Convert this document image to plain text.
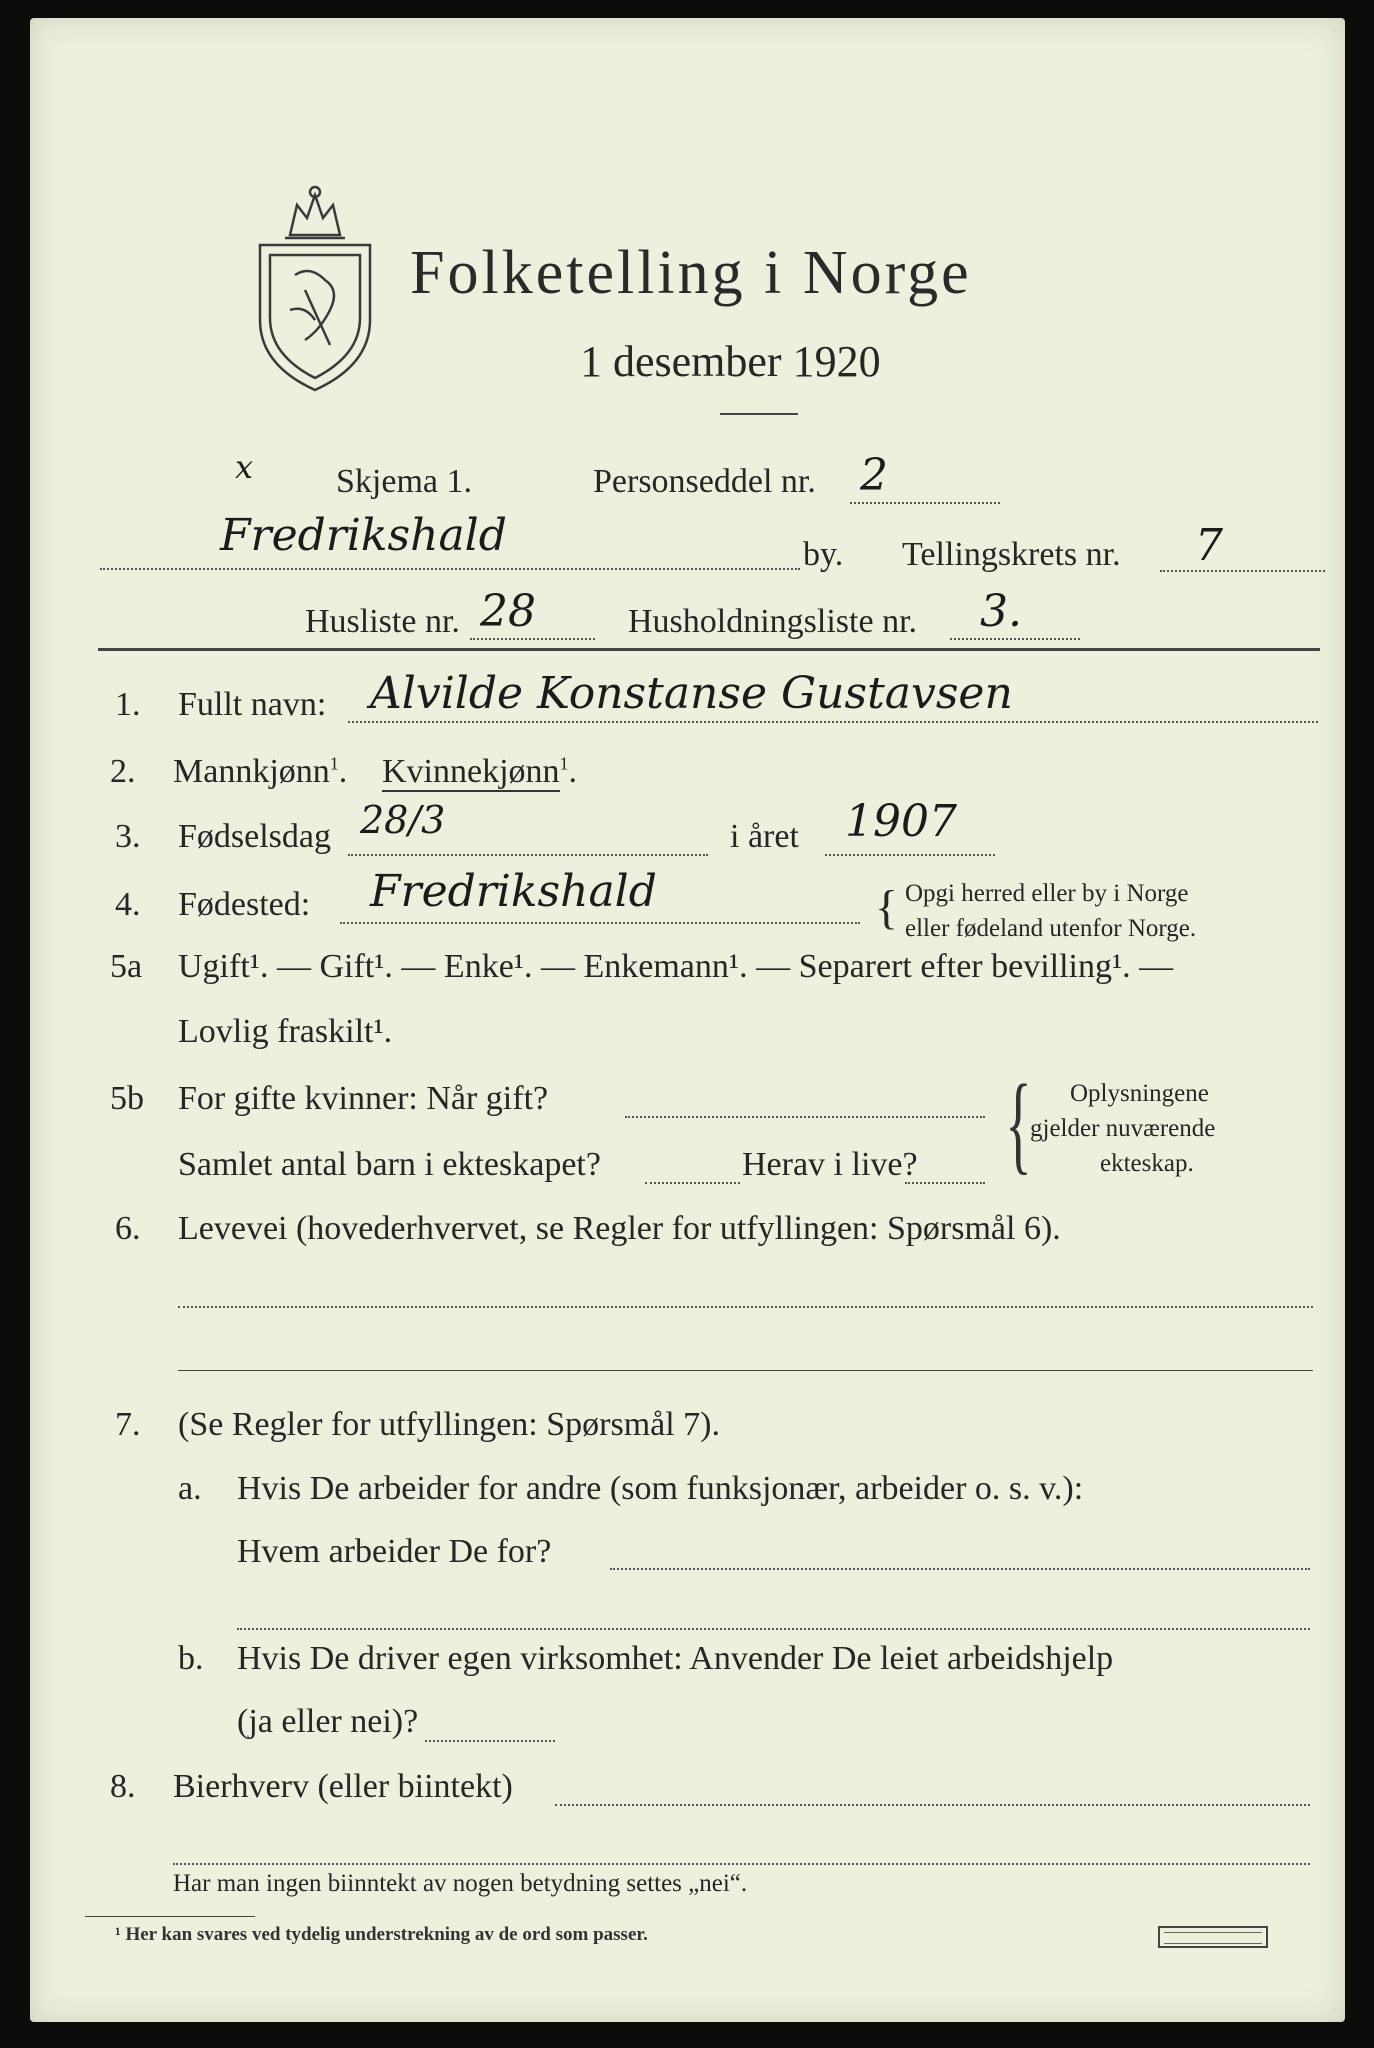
Folketelling i Norge
1 desember 1920
x Skjema 1.	Personseddel nr. 2
Fredrikshald	by. Tellingskrets nr. 7
Husliste nr. 28	Husholdningsliste nr. 3.
1. Fullt navn: Alvilde Konstanse Gustavsen
2. Mannkjønn$^1$. Kvinnekjønn$^1$.
3. Fødselsdag 28/3	i året 1907
4. Fødested: Fredrikshald	{ Opgi herred eller by i Norge
eller fødeland utenfor Norge.
5a Ugift¹. — Gift¹. — Enke¹. — Enkemann¹. — Separert efter bevilling¹. —
Lovlig fraskilt¹.
5b For gifte kvinner: Når gift?
Samlet antal barn i ekteskapet?	Herav i live? { Oplysningene
gjelder nuværende
ekteskap.
6. Levevei (hovederhvervet, se Regler for utfyllingen: Spørsmål 6).
7. (Se Regler for utfyllingen: Spørsmål 7).
a. Hvis De arbeider for andre (som funksjonær, arbeider o. s. v.):
Hvem arbeider De for?
b. Hvis De driver egen virksomhet: Anvender De leiet arbeidshjelp
(ja eller nei)?
8. Bierhverv (eller biintekt)
Har man ingen biinntekt av nogen betydning settes „nei“.
¹ Her kan svares ved tydelig understrekning av de ord som passer.
